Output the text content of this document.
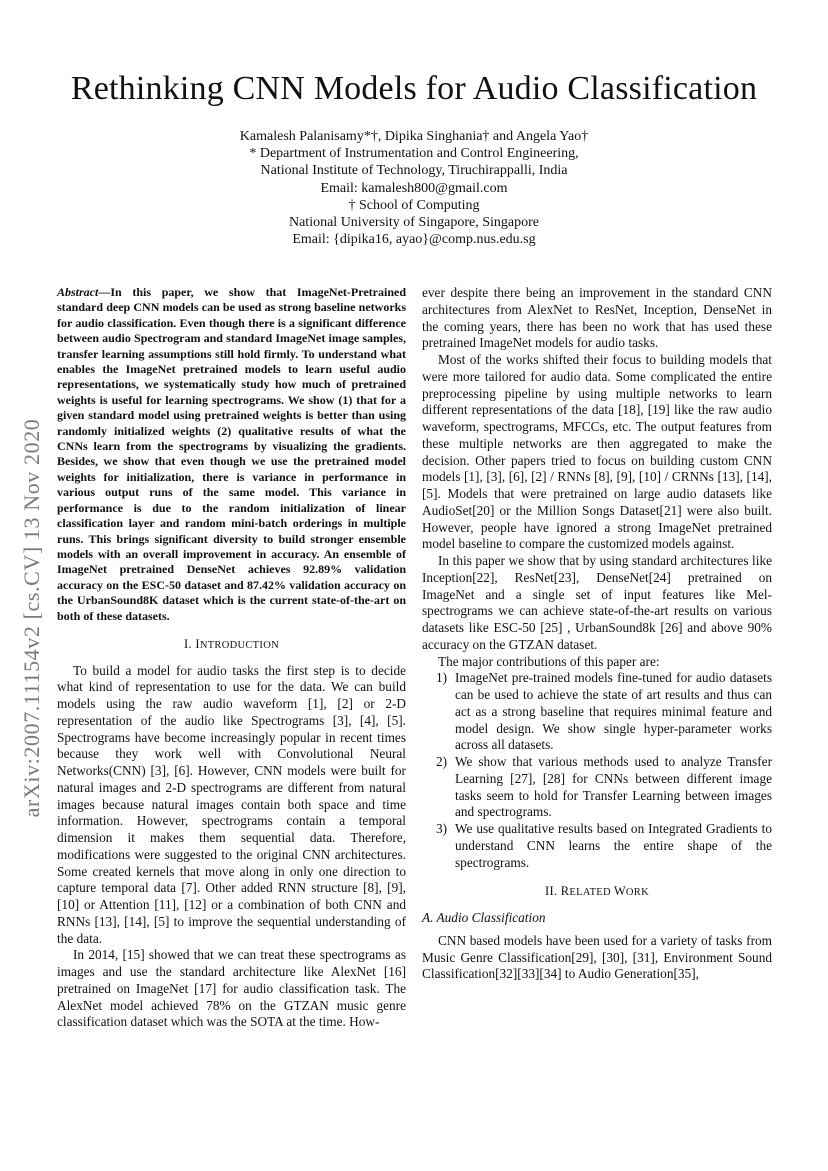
Rethinking CNN Models for Audio Classification
Kamalesh Palanisamy*†, Dipika Singhania† and Angela Yao†
* Department of Instrumentation and Control Engineering,
National Institute of Technology, Tiruchirappalli, India
Email: kamalesh800@gmail.com
† School of Computing
National University of Singapore, Singapore
Email: {dipika16, ayao}@comp.nus.edu.sg
arXiv:2007.11154v2 [cs.CV] 13 Nov 2020

Abstract—In this paper, we show that ImageNet-Pretrained standard deep CNN models can be used as strong baseline networks for audio classification. Even though there is a significant difference between audio Spectrogram and standard ImageNet image samples, transfer learning assumptions still hold firmly. To understand what enables the ImageNet pretrained models to learn useful audio representations, we systematically study how much of pretrained weights is useful for learning spectrograms. We show (1) that for a given standard model using pretrained weights is better than using randomly initialized weights (2) qualitative results of what the CNNs learn from the spectrograms by visualizing the gradients. Besides, we show that even though we use the pretrained model weights for initialization, there is variance in performance in various output runs of the same model. This variance in performance is due to the random initialization of linear classification layer and random mini-batch orderings in multiple runs. This brings significant diversity to build stronger ensemble models with an overall improvement in accuracy. An ensemble of ImageNet pretrained DenseNet achieves 92.89% validation accuracy on the ESC-50 dataset and 87.42% validation accuracy on the UrbanSound8K dataset which is the current state-of-the-art on both of these datasets.

I. INTRODUCTION

To build a model for audio tasks the first step is to decide what kind of representation to use for the data. We can build models using the raw audio waveform [1], [2] or 2-D representation of the audio like Spectrograms [3], [4], [5]. Spectrograms have become increasingly popular in recent times because they work well with Convolutional Neural Networks(CNN) [3], [6]. However, CNN models were built for natural images and 2-D spectrograms are different from natural images because natural images contain both space and time information. However, spectrograms contain a temporal dimension it makes them sequential data. Therefore, modifications were suggested to the original CNN architectures. Some created kernels that move along in only one direction to capture temporal data [7]. Other added RNN structure [8], [9], [10] or Attention [11], [12] or a combination of both CNN and RNNs [13], [14], [5] to improve the sequential understanding of the data.

In 2014, [15] showed that we can treat these spectrograms as images and use the standard architecture like AlexNet [16] pretrained on ImageNet [17] for audio classification task. The AlexNet model achieved 78% on the GTZAN music genre classification dataset which was the SOTA at the time. How-

ever despite there being an improvement in the standard CNN architectures from AlexNet to ResNet, Inception, DenseNet in the coming years, there has been no work that has used these pretrained ImageNet models for audio tasks.

Most of the works shifted their focus to building models that were more tailored for audio data. Some complicated the entire preprocessing pipeline by using multiple networks to learn different representations of the data [18], [19] like the raw audio waveform, spectrograms, MFCCs, etc. The output features from these multiple networks are then aggregated to make the decision. Other papers tried to focus on building custom CNN models [1], [3], [6], [2] / RNNs [8], [9], [10] / CRNNs [13], [14], [5]. Models that were pretrained on large audio datasets like AudioSet[20] or the Million Songs Dataset[21] were also built. However, people have ignored a strong ImageNet pretrained model baseline to compare the customized models against.

In this paper we show that by using standard architectures like Inception[22], ResNet[23], DenseNet[24] pretrained on ImageNet and a single set of input features like Mel-spectrograms we can achieve state-of-the-art results on various datasets like ESC-50 [25] , UrbanSound8k [26] and above 90% accuracy on the GTZAN dataset.

The major contributions of this paper are:

1) ImageNet pre-trained models fine-tuned for audio datasets can be used to achieve the state of art results and thus can act as a strong baseline that requires minimal feature and model design. We show single hyper-parameter works across all datasets.
2) We show that various methods used to analyze Transfer Learning [27], [28] for CNNs between different image tasks seem to hold for Transfer Learning between images and spectrograms.
3) We use qualitative results based on Integrated Gradients to understand CNN learns the entire shape of the spectrograms.
II. RELATED WORK
A. Audio Classification

CNN based models have been used for a variety of tasks from Music Genre Classification[29], [30], [31], Environment Sound Classification[32][33][34] to Audio Generation[35],
